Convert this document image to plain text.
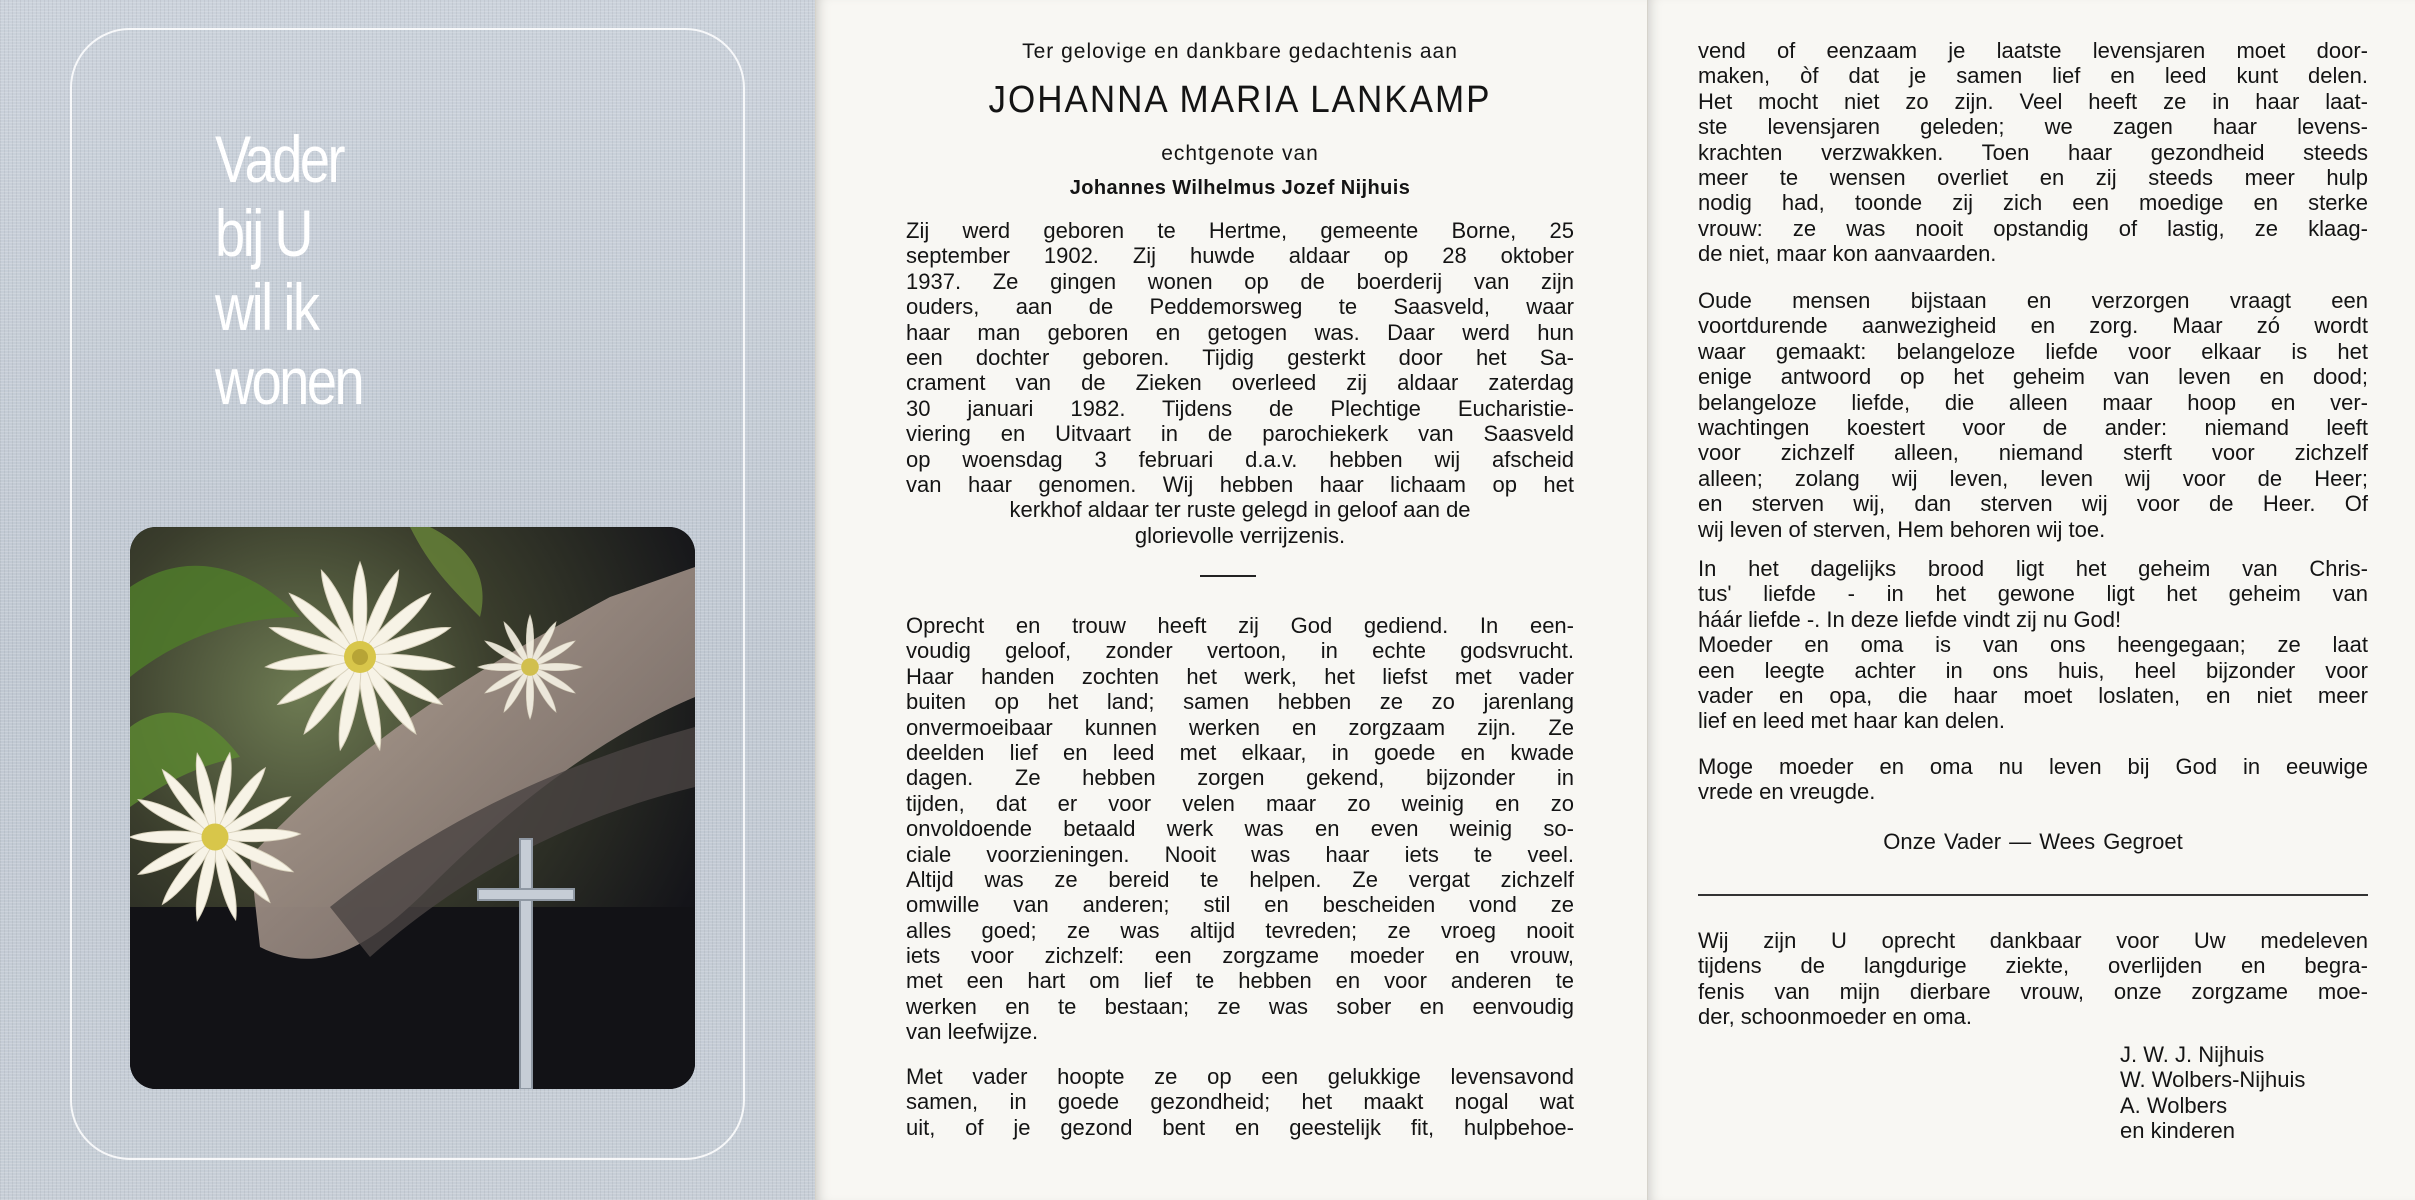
Vader
bij U
wil ik
wonen
Ter gelovige en dankbare gedachtenis aan
JOHANNA MARIA LANKAMP
echtgenote van
Johannes Wilhelmus Jozef Nijhuis
Zij werd geboren te Hertme, gemeente Borne, 25
september 1902. Zij huwde aldaar op 28 oktober
1937. Ze gingen wonen op de boerderij van zijn
ouders, aan de Peddemorsweg te Saasveld, waar
haar man geboren en getogen was. Daar werd hun
een dochter geboren. Tijdig gesterkt door het Sa-
crament van de Zieken overleed zij aldaar zaterdag
30 januari 1982. Tijdens de Plechtige Eucharistie-
viering en Uitvaart in de parochiekerk van Saasveld
op woensdag 3 februari d.a.v. hebben wij afscheid
van haar genomen. Wij hebben haar lichaam op het
kerkhof aldaar ter ruste gelegd in geloof aan de
glorievolle verrijzenis.
Oprecht en trouw heeft zij God gediend. In een-
voudig geloof, zonder vertoon, in echte godsvrucht.
Haar handen zochten het werk, het liefst met vader
buiten op het land; samen hebben ze zo jarenlang
onvermoeibaar kunnen werken en zorgzaam zijn. Ze
deelden lief en leed met elkaar, in goede en kwade
dagen. Ze hebben zorgen gekend, bijzonder in
tijden, dat er voor velen maar zo weinig en zo
onvoldoende betaald werk was en even weinig so-
ciale voorzieningen. Nooit was haar iets te veel.
Altijd was ze bereid te helpen. Ze vergat zichzelf
omwille van anderen; stil en bescheiden vond ze
alles goed; ze was altijd tevreden; ze vroeg nooit
iets voor zichzelf: een zorgzame moeder en vrouw,
met een hart om lief te hebben en voor anderen te
werken en te bestaan; ze was sober en eenvoudig
van leefwijze.
Met vader hoopte ze op een gelukkige levensavond
samen, in goede gezondheid; het maakt nogal wat
uit, of je gezond bent en geestelijk fit, hulpbehoe-
vend of eenzaam je laatste levensjaren moet door-
maken, òf dat je samen lief en leed kunt delen.
Het mocht niet zo zijn. Veel heeft ze in haar laat-
ste levensjaren geleden; we zagen haar levens-
krachten verzwakken. Toen haar gezondheid steeds
meer te wensen overliet en zij steeds meer hulp
nodig had, toonde zij zich een moedige en sterke
vrouw: ze was nooit opstandig of lastig, ze klaag-
de niet, maar kon aanvaarden.
Oude mensen bijstaan en verzorgen vraagt een
voortdurende aanwezigheid en zorg. Maar zó wordt
waar gemaakt: belangeloze liefde voor elkaar is het
enige antwoord op het geheim van leven en dood;
belangeloze liefde, die alleen maar hoop en ver-
wachtingen koestert voor de ander: niemand leeft
voor zichzelf alleen, niemand sterft voor zichzelf
alleen; zolang wij leven, leven wij voor de Heer;
en sterven wij, dan sterven wij voor de Heer. Of
wij leven of sterven, Hem behoren wij toe.
In het dagelijks brood ligt het geheim van Chris-
tus' liefde - in het gewone ligt het geheim van
háár liefde -. In deze liefde vindt zij nu God!
Moeder en oma is van ons heengegaan; ze laat
een leegte achter in ons huis, heel bijzonder voor
vader en opa, die haar moet loslaten, en niet meer
lief en leed met haar kan delen.
Moge moeder en oma nu leven bij God in eeuwige
vrede en vreugde.
Onze Vader — Wees Gegroet
Wij zijn U oprecht dankbaar voor Uw medeleven
tijdens de langdurige ziekte, overlijden en begra-
fenis van mijn dierbare vrouw, onze zorgzame moe-
der, schoonmoeder en oma.
J. W. J. Nijhuis
W. Wolbers-Nijhuis
A. Wolbers
en kinderen
